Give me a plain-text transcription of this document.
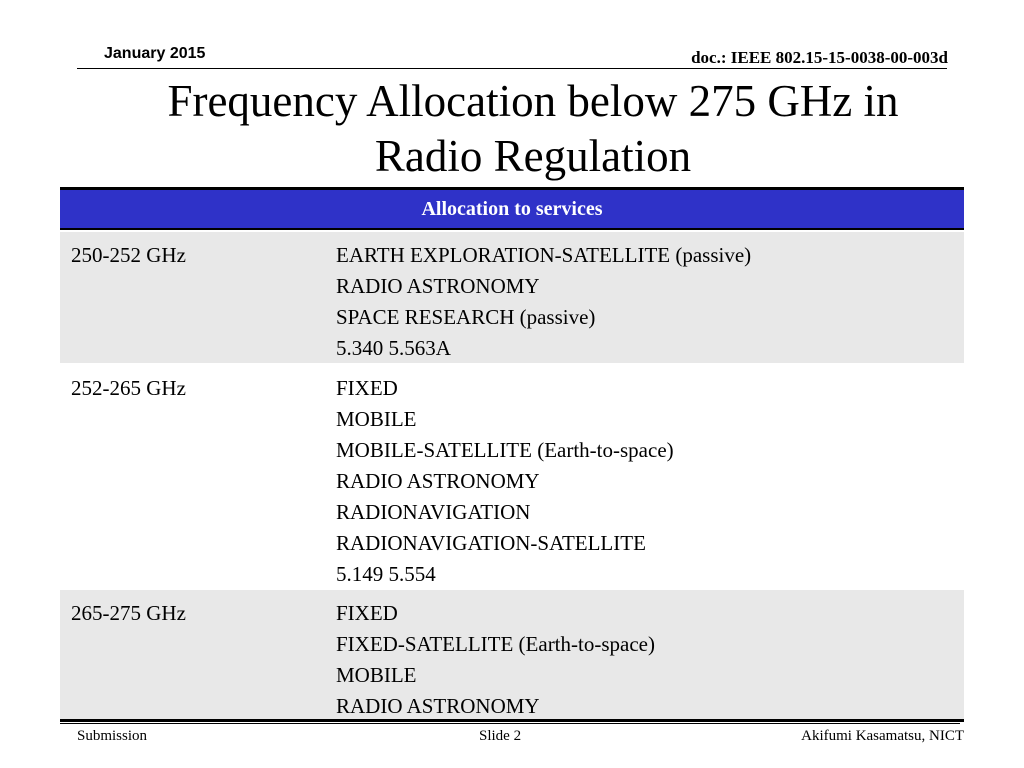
January 2015	doc.: IEEE 802.15-15-0038-00-003d
Frequency Allocation below 275 GHz in
Radio Regulation
Allocation to services
250-252 GHz	EARTH EXPLORATION-SATELLITE (passive)
RADIO ASTRONOMY
SPACE RESEARCH (passive)
5.340 5.563A
252-265 GHz	FIXED
MOBILE
MOBILE-SATELLITE (Earth-to-space)
RADIO ASTRONOMY
RADIONAVIGATION
RADIONAVIGATION-SATELLITE
5.149 5.554
265-275 GHz	FIXED
FIXED-SATELLITE (Earth-to-space)
MOBILE
RADIO ASTRONOMY
Submission	Slide 2	Akifumi Kasamatsu, NICT
